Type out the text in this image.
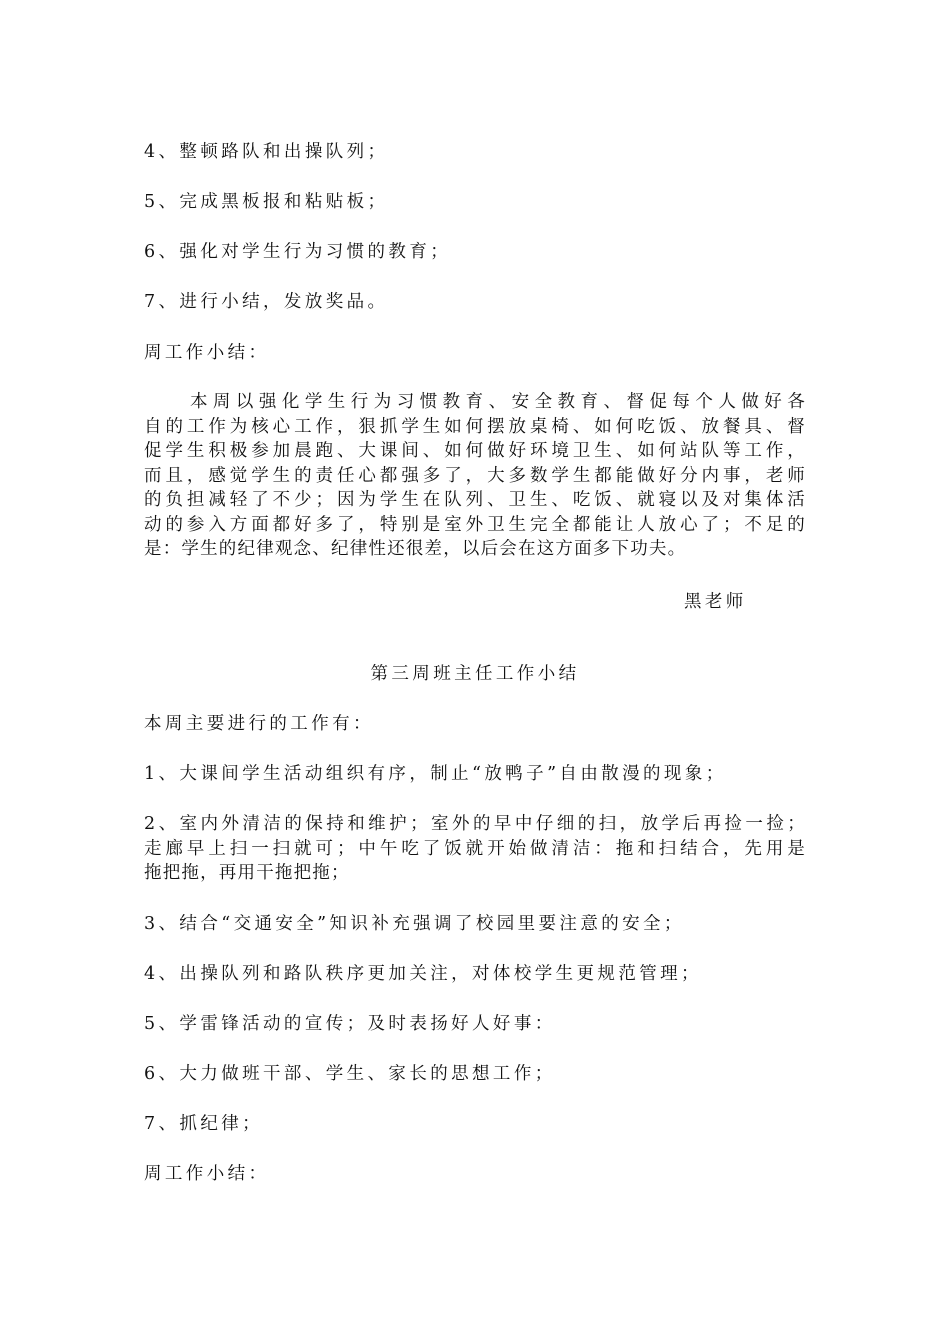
4、整顿路队和出操队列；

5、完成黑板报和粘贴板；

6、强化对学生行为习惯的教育；

7、进行小结，发放奖品。

周工作小结：

　　本周以强化学生行为习惯教育、安全教育、督促每个人做好各
自的工作为核心工作，狠抓学生如何摆放桌椅、如何吃饭、放餐具、督
促学生积极参加晨跑、大课间、如何做好环境卫生、如何站队等工作，
而且，感觉学生的责任心都强多了，大多数学生都能做好分内事，老师
的负担减轻了不少；因为学生在队列、卫生、吃饭、就寝以及对集体活
动的参入方面都好多了，特别是室外卫生完全都能让人放心了；不足的
是：学生的纪律观念、纪律性还很差，以后会在这方面多下功夫。

黑老师

第三周班主任工作小结

本周主要进行的工作有：

1、大课间学生活动组织有序，制止“放鸭子”自由散漫的现象；

2、室内外清洁的保持和维护；室外的早中仔细的扫，放学后再捡一捡；
走廊早上扫一扫就可；中午吃了饭就开始做清洁：拖和扫结合，先用是
拖把拖，再用干拖把拖；

3、结合“交通安全”知识补充强调了校园里要注意的安全；

4、出操队列和路队秩序更加关注，对体校学生更规范管理；

5、学雷锋活动的宣传；及时表扬好人好事：

6、大力做班干部、学生、家长的思想工作；

7、抓纪律；

周工作小结：
